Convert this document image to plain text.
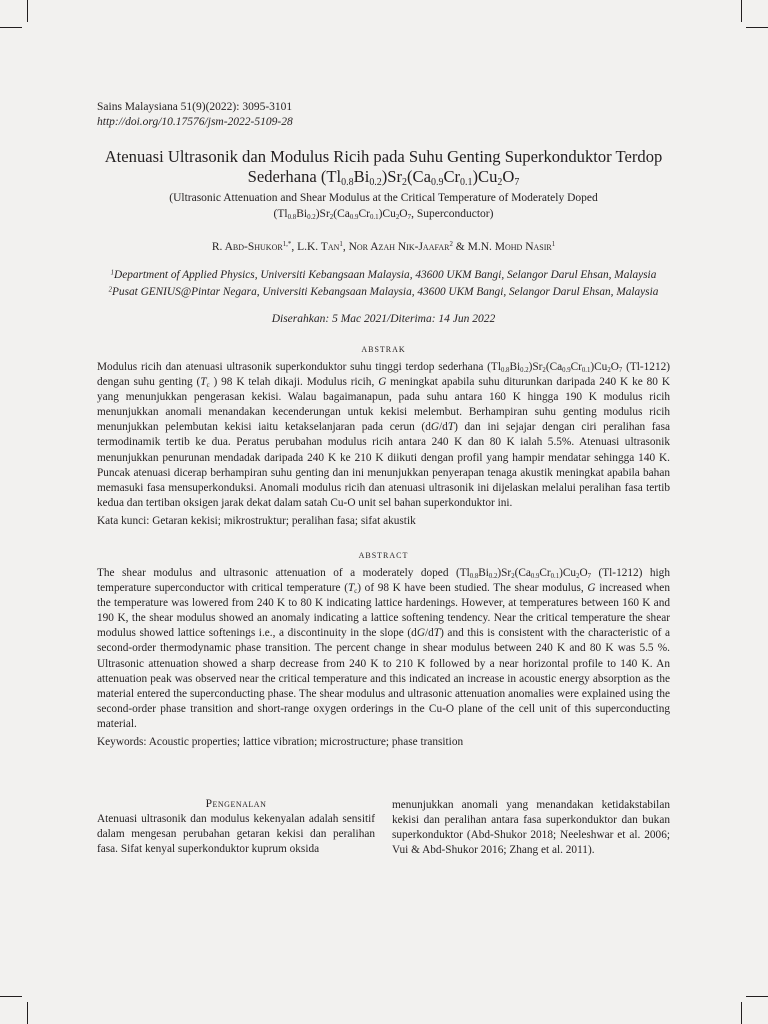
Sains Malaysiana 51(9)(2022): 3095-3101
http://doi.org/10.17576/jsm-2022-5109-28
Atenuasi Ultrasonik dan Modulus Ricih pada Suhu Genting Superkonduktor Terdop
Sederhana $(Tl_{0.8}Bi_{0.2})Sr_2(Ca_{0.9}Cr_{0.1})Cu_2O_7$
(Ultrasonic Attenuation and Shear Modulus at the Critical Temperature of Moderately Doped
$(Tl_{0.8}Bi_{0.2})Sr_2(Ca_{0.9}Cr_{0.1})Cu_2O_7$, Superconductor)
R. Abd-Shukor$^{1,*}$, L.K. Tan$^1$, Nor Azah Nik-Jaafar$^2$ & M.N. Mohd Nasir$^1$

$^1$Department of Applied Physics, Universiti Kebangsaan Malaysia, 43600 UKM Bangi, Selangor Darul Ehsan, Malaysia

$^2$Pusat GENIUS@Pintar Negara, Universiti Kebangsaan Malaysia, 43600 UKM Bangi, Selangor Darul Ehsan, Malaysia

Diserahkan: 5 Mac 2021/Diterima: 14 Jun 2022
abstrak

Modulus ricih dan atenuasi ultrasonik superkonduktor suhu tinggi terdop sederhana $(Tl_{0.8}Bi_{0.2})Sr_2(Ca_{0.9}Cr_{0.1})Cu_2O_7$ (Tl-1212) dengan suhu genting ($T_c$ ) 98 K telah dikaji. Modulus ricih, G meningkat apabila suhu diturunkan daripada 240 K ke 80 K yang menunjukkan pengerasan kekisi. Walau bagaimanapun, pada suhu antara 160 K hingga 190 K modulus ricih menunjukkan anomali menandakan kecenderungan untuk kekisi melembut. Berhampiran suhu genting modulus ricih menunjukkan pelembutan kekisi iaitu ketakselanjaran pada cerun (dG/dT) dan ini sejajar dengan ciri peralihan fasa termodinamik tertib ke dua. Peratus perubahan modulus ricih antara 240 K dan 80 K ialah 5.5%. Atenuasi ultrasonik menunjukkan penurunan mendadak daripada 240 K ke 210 K diikuti dengan profil yang hampir mendatar sehingga 140 K. Puncak atenuasi dicerap berhampiran suhu genting dan ini menunjukkan penyerapan tenaga akustik meningkat apabila bahan memasuki fasa mensuperkonduksi. Anomali modulus ricih dan atenuasi ultrasonik ini dijelaskan melalui peralihan fasa tertib kedua dan tertiban oksigen jarak dekat dalam satah Cu-O unit sel bahan superkonduktor ini.

Kata kunci: Getaran kekisi; mikrostruktur; peralihan fasa; sifat akustik
abstract

The shear modulus and ultrasonic attenuation of a moderately doped $(Tl_{0.8}Bi_{0.2})Sr_2(Ca_{0.9}Cr_{0.1})Cu_2O_7$ (Tl-1212) high temperature superconductor with critical temperature $(T_c)$ of 98 K have been studied. The shear modulus, G increased when the temperature was lowered from 240 K to 80 K indicating lattice hardenings. However, at temperatures between 160 K and 190 K, the shear modulus showed an anomaly indicating a lattice softening tendency. Near the critical temperature the shear modulus showed lattice softenings i.e., a discontinuity in the slope (dG/dT) and this is consistent with the characteristic of a second-order thermodynamic phase transition. The percent change in shear modulus between 240 K and 80 K was 5.5 %. Ultrasonic attenuation showed a sharp decrease from 240 K to 210 K followed by a near horizontal profile to 140 K. An attenuation peak was observed near the critical temperature and this indicated an increase in acoustic energy absorption as the material entered the superconducting phase. The shear modulus and ultrasonic attenuation anomalies were explained using the second-order phase transition and short-range oxygen orderings in the Cu-O plane of the cell unit of this superconducting material.

Keywords: Acoustic properties; lattice vibration; microstructure; phase transition
Pengenalan

Atenuasi ultrasonik dan modulus kekenyalan adalah sensitif dalam mengesan perubahan getaran kekisi dan peralihan fasa. Sifat kenyal superkonduktor kuprum oksida

menunjukkan anomali yang menandakan ketidakstabilan kekisi dan peralihan antara fasa superkonduktor dan bukan superkonduktor (Abd-Shukor 2018; Neeleshwar et al. 2006; Vui & Abd-Shukor 2016; Zhang et al. 2011).
